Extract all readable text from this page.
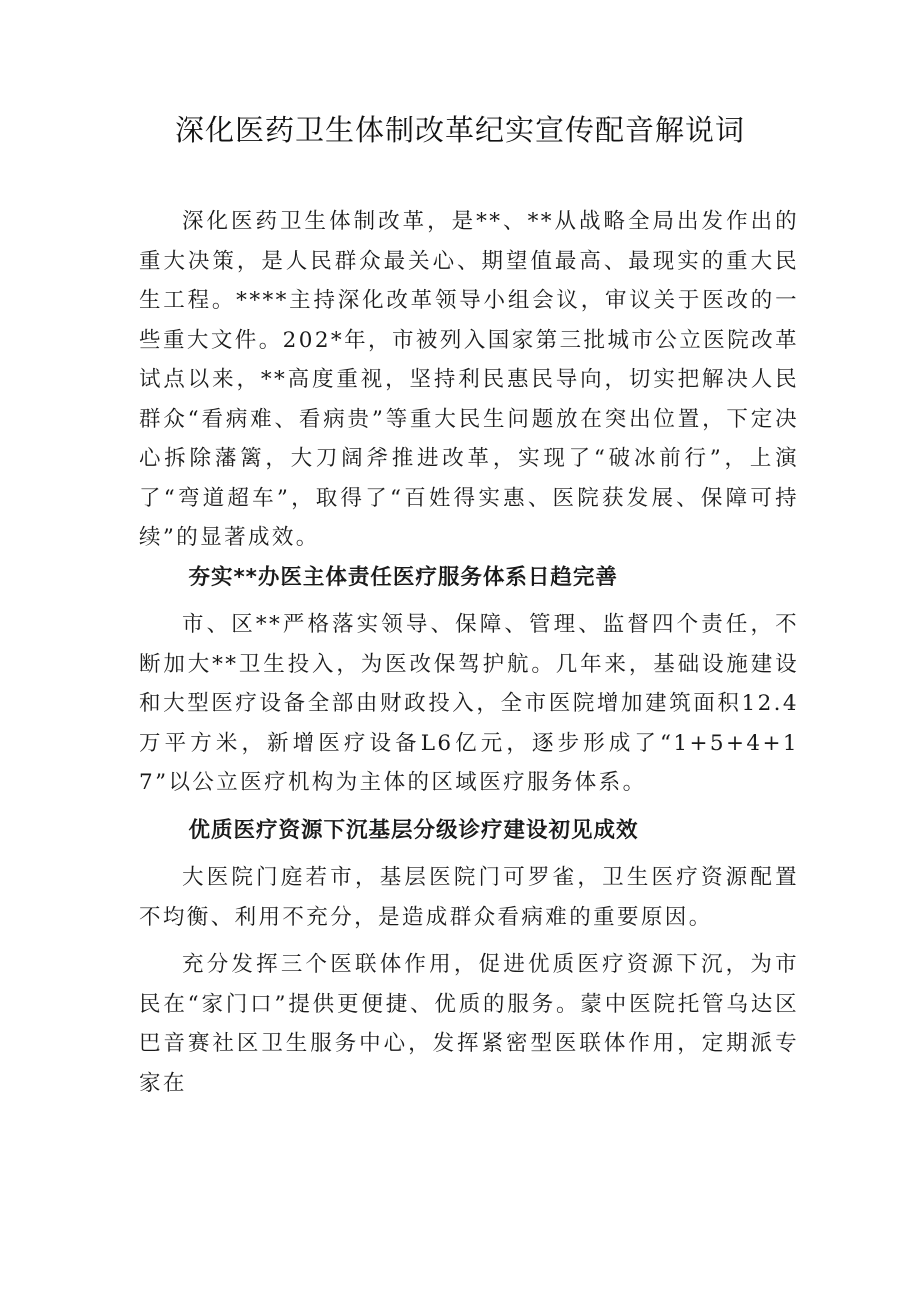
深化医药卫生体制改革纪实宣传配音解说词

深化医药卫生体制改革，是**、**从战略全局出发作出的重大决策，是人民群众最关心、期望值最高、最现实的重大民生工程。****主持深化改革领导小组会议，审议关于医改的一些重大文件。202*年，市被列入国家第三批城市公立医院改革试点以来，**高度重视，坚持利民惠民导向，切实把解决人民群众“看病难、看病贵”等重大民生问题放在突出位置，下定决心拆除藩篱，大刀阔斧推进改革，实现了“破冰前行”，上演了“弯道超车”，取得了“百姓得实惠、医院获发展、保障可持续”的显著成效。

夯实**办医主体责任医疗服务体系日趋完善

市、区**严格落实领导、保障、管理、监督四个责任，不断加大**卫生投入，为医改保驾护航。几年来，基础设施建设和大型医疗设备全部由财政投入，全市医院增加建筑面积12.4万平方米，新增医疗设备L6亿元，逐步形成了“1+5+4+17”以公立医疗机构为主体的区域医疗服务体系。

优质医疗资源下沉基层分级诊疗建设初见成效

大医院门庭若市，基层医院门可罗雀，卫生医疗资源配置不均衡、利用不充分，是造成群众看病难的重要原因。

充分发挥三个医联体作用，促进优质医疗资源下沉，为市民在“家门口”提供更便捷、优质的服务。蒙中医院托管乌达区巴音赛社区卫生服务中心，发挥紧密型医联体作用，定期派专家在
